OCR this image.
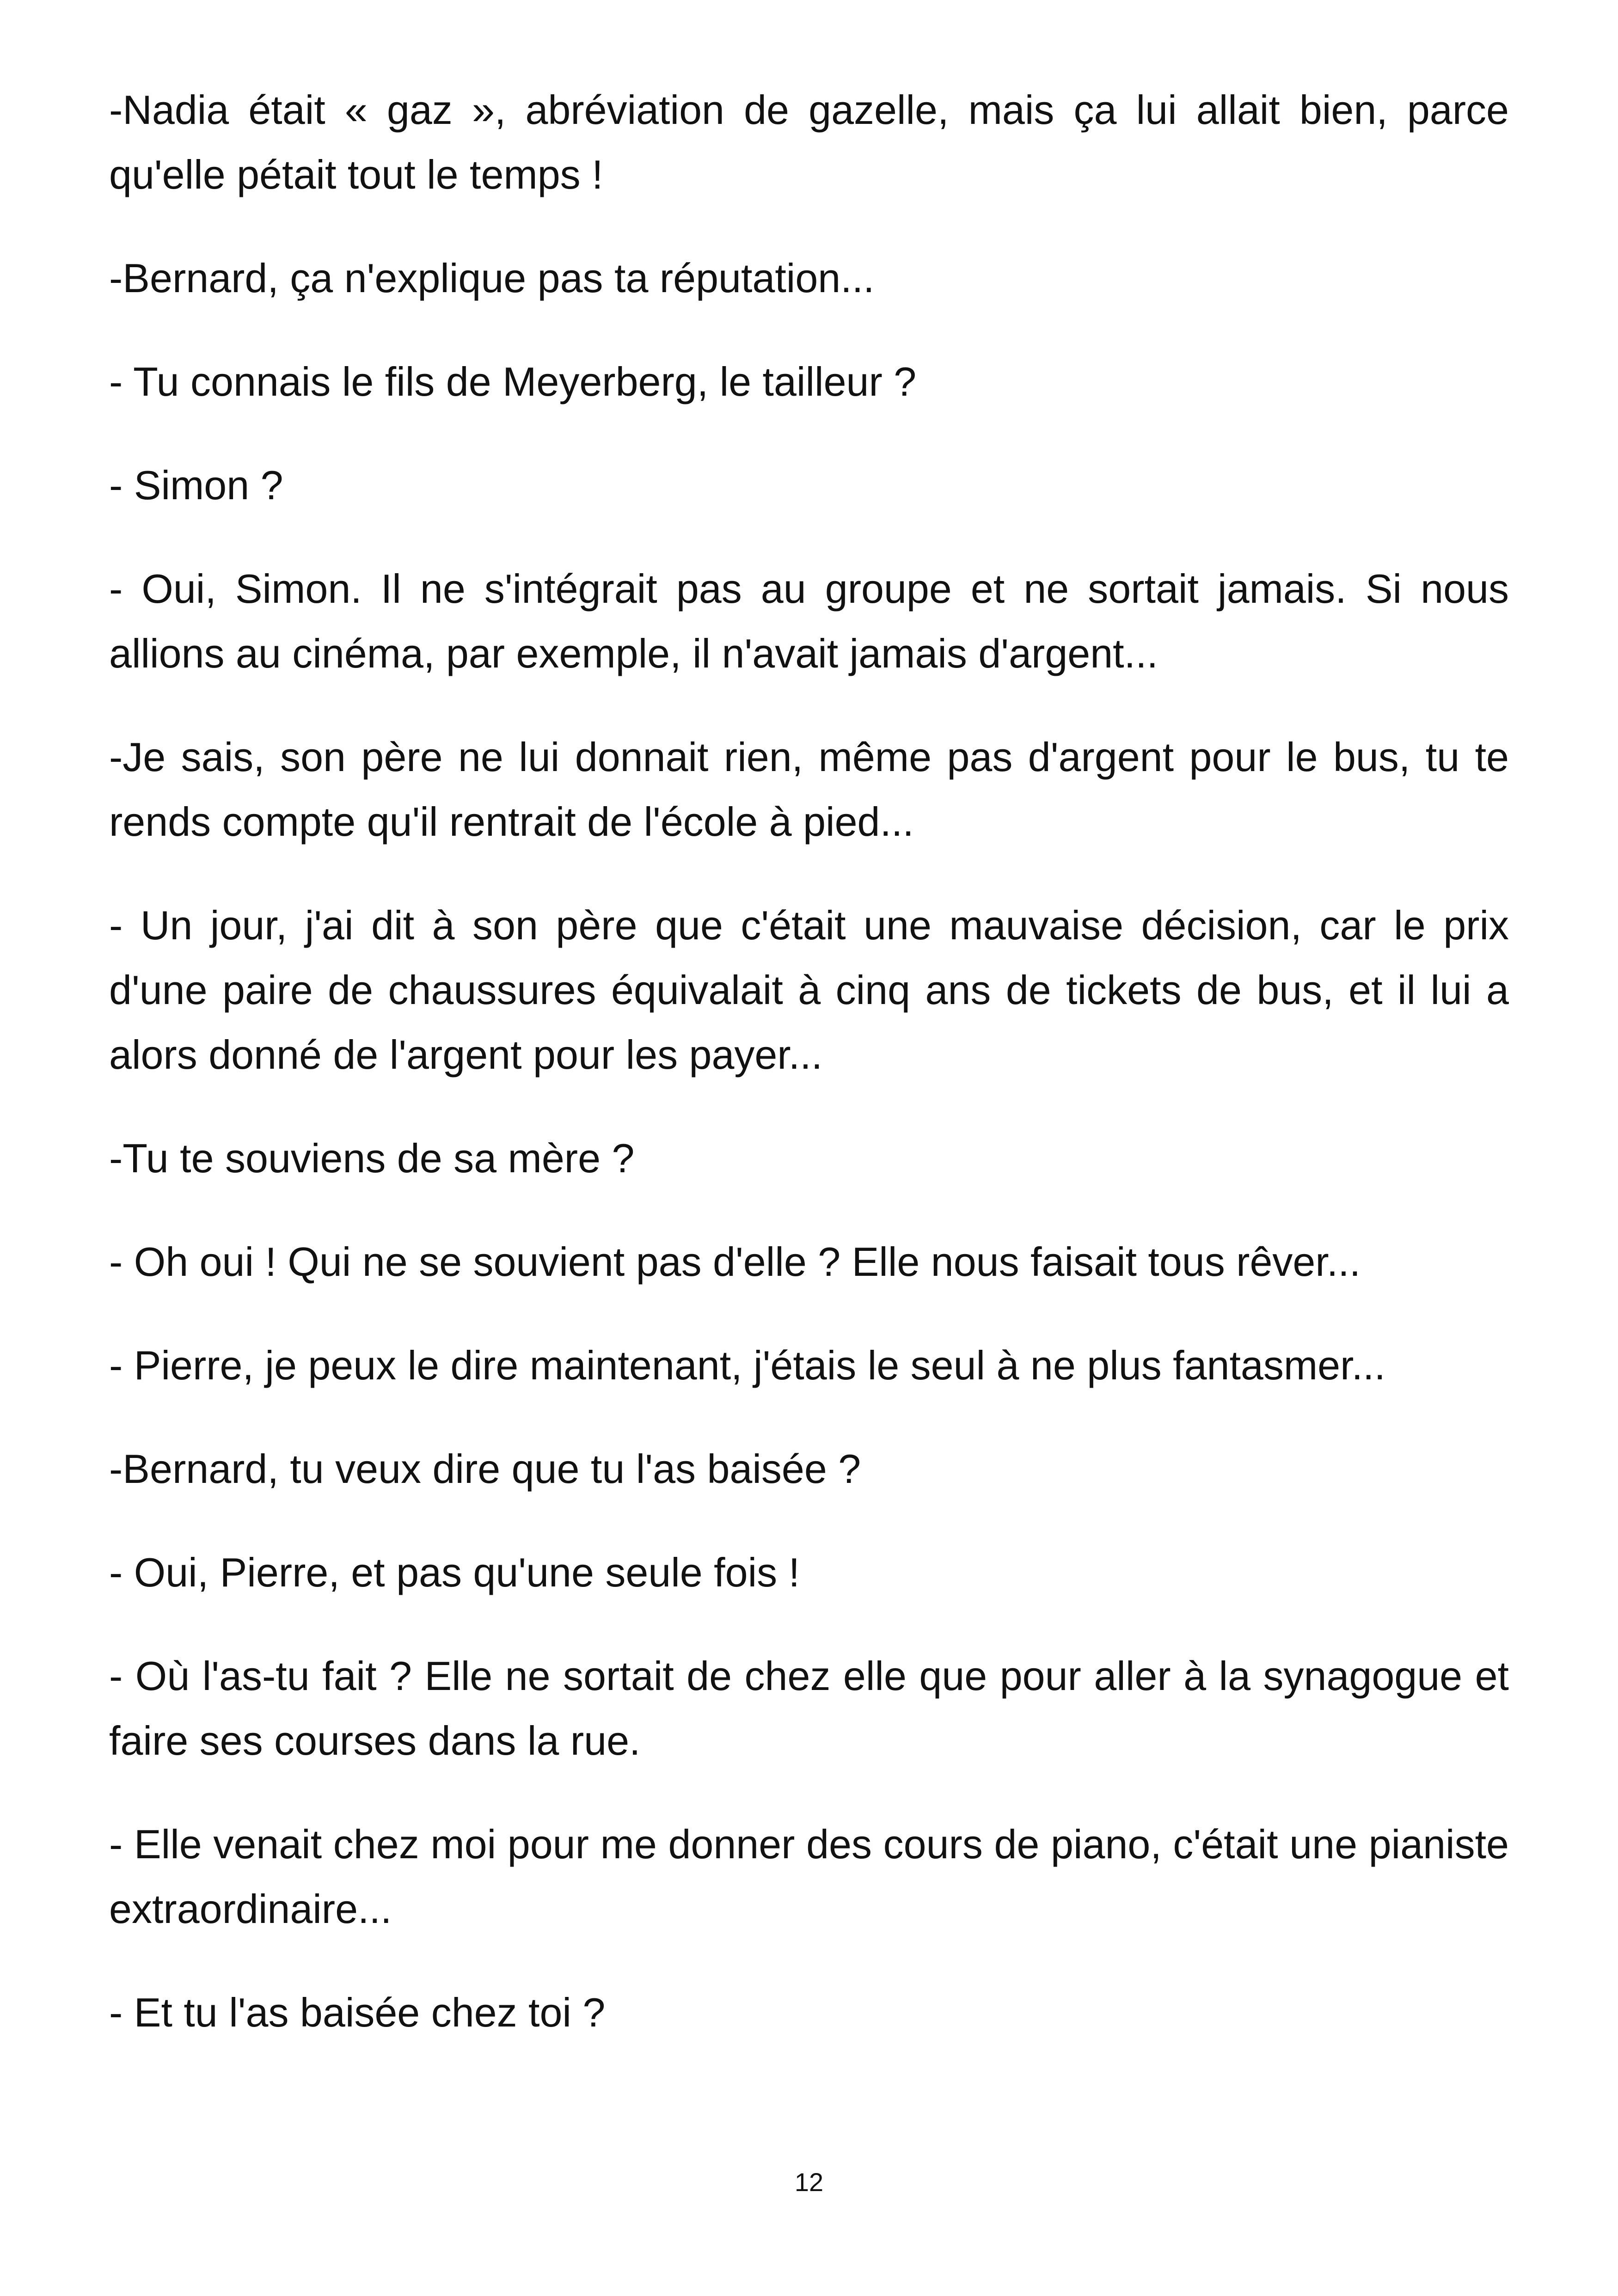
-Nadia était « gaz », abréviation de gazelle, mais ça lui allait bien, parce qu'elle pétait tout le temps !

-Bernard, ça n'explique pas ta réputation...

- Tu connais le fils de Meyerberg, le tailleur ?

- Simon ?

- Oui, Simon. Il ne s'intégrait pas au groupe et ne sortait jamais. Si nous allions au cinéma, par exemple, il n'avait jamais d'argent...

-Je sais, son père ne lui donnait rien, même pas d'argent pour le bus, tu te rends compte qu'il rentrait de l'école à pied...

- Un jour, j'ai dit à son père que c'était une mauvaise décision, car le prix d'une paire de chaussures équivalait à cinq ans de tickets de bus, et il lui a alors donné de l'argent pour les payer...

-Tu te souviens de sa mère ?

- Oh oui ! Qui ne se souvient pas d'elle ? Elle nous faisait tous rêver...

- Pierre, je peux le dire maintenant, j'étais le seul à ne plus fantasmer...

-Bernard, tu veux dire que tu l'as baisée ?

- Oui, Pierre, et pas qu'une seule fois !

- Où l'as-tu fait ? Elle ne sortait de chez elle que pour aller à la synagogue et faire ses courses dans la rue.

- Elle venait chez moi pour me donner des cours de piano, c'était une pianiste extraordinaire...

- Et tu l'as baisée chez toi ?

12
